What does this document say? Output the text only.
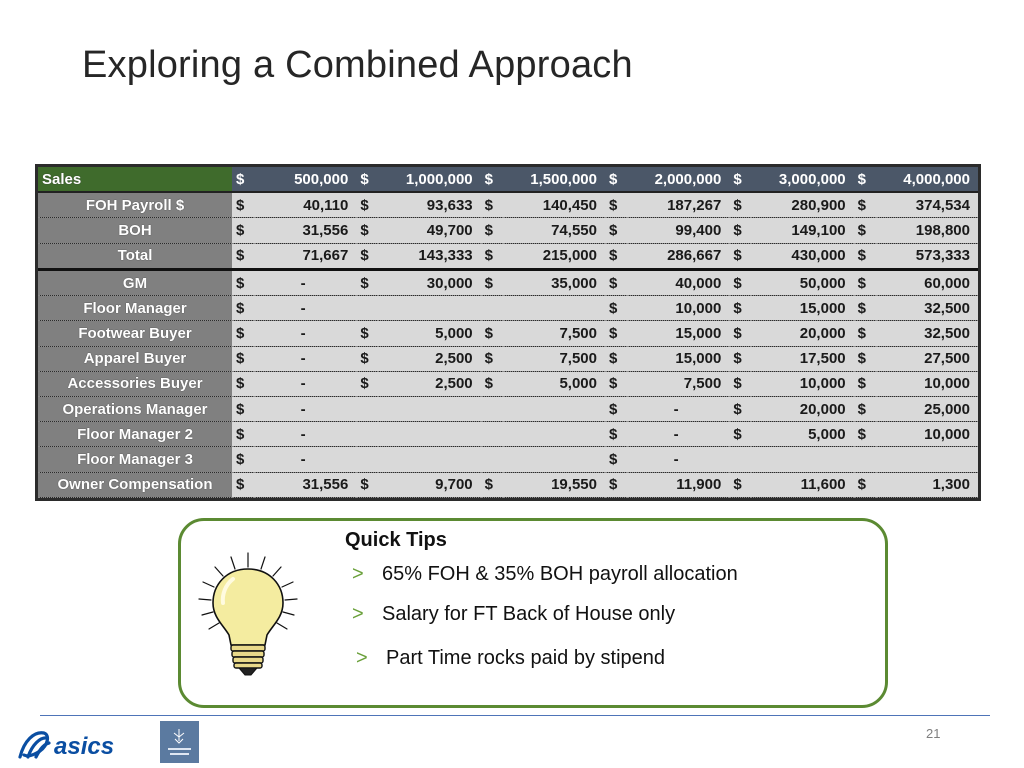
Exploring a Combined Approach
Sales	$	500,000	$	1,000,000	$	1,500,000	$	2,000,000	$	3,000,000	$	4,000,000
FOH Payroll $	$	40,110	$	93,633	$	140,450	$	187,267	$	280,900	$	374,534
BOH	$	31,556	$	49,700	$	74,550	$	99,400	$	149,100	$	198,800
Total	$	71,667	$	143,333	$	215,000	$	286,667	$	430,000	$	573,333
GM	$	-	$	30,000	$	35,000	$	40,000	$	50,000	$	60,000
Floor Manager	$	-					$	10,000	$	15,000	$	32,500
Footwear Buyer	$	-	$	5,000	$	7,500	$	15,000	$	20,000	$	32,500
Apparel Buyer	$	-	$	2,500	$	7,500	$	15,000	$	17,500	$	27,500
Accessories Buyer	$	-	$	2,500	$	5,000	$	7,500	$	10,000	$	10,000
Operations Manager	$	-					$	-	$	20,000	$	25,000
Floor Manager 2	$	-					$	-	$	5,000	$	10,000
Floor Manager 3	$	-					$	-				
Owner Compensation	$	31,556	$	9,700	$	19,550	$	11,900	$	11,600	$	1,300
Quick Tips
> 65% FOH & 35% BOH payroll allocation
> Salary for FT Back of House only
> Part Time rocks paid by stipend
asics	21
